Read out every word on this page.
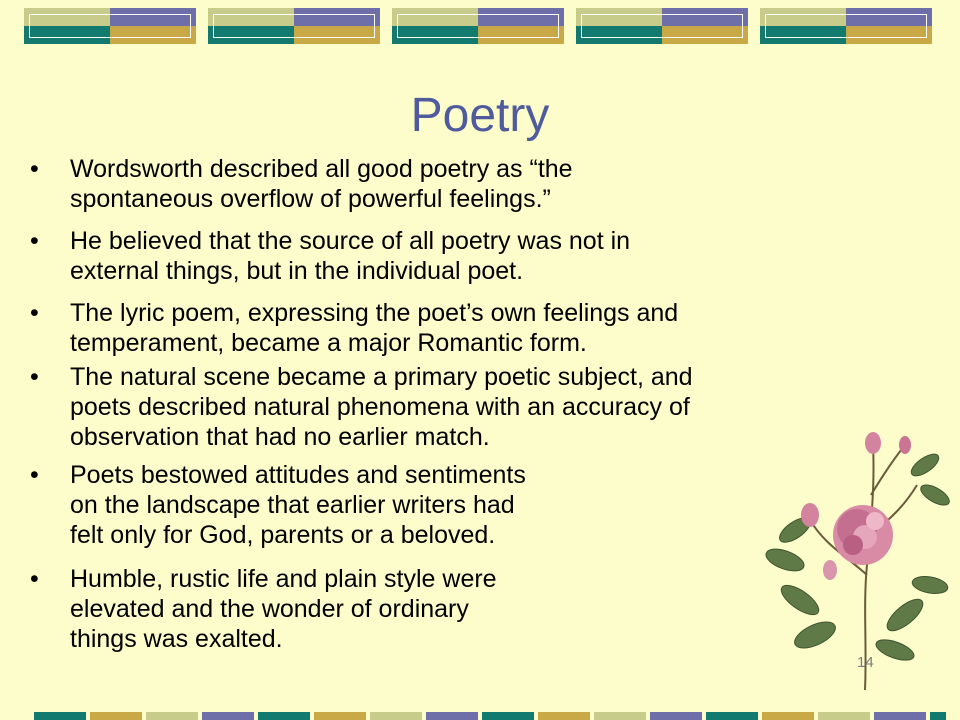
Poetry
•	Wordsworth described all good poetry as “the
spontaneous overflow of powerful feelings.”
•	He believed that the source of all poetry was not in
external things, but in the individual poet.
•	The lyric poem, expressing the poet’s own feelings and
temperament, became a major Romantic form.
•	The natural scene became a primary poetic subject, and
poets described natural phenomena with an accuracy of
observation that had no earlier match.
•	Poets bestowed attitudes and sentiments
on the landscape that earlier writers had
felt only for God, parents or a beloved.
•	Humble, rustic life and plain style were
elevated and the wonder of ordinary
things was exalted.
14
